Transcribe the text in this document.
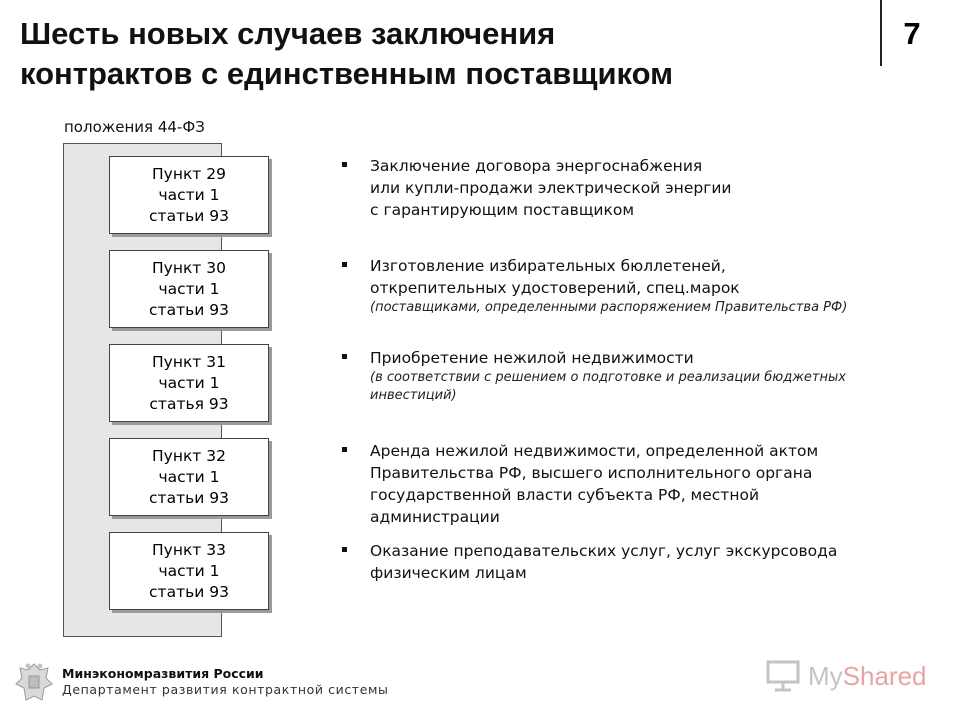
Шесть новых случаев заключения
контрактов с единственным поставщиком
7
положения 44-ФЗ
Пункт 29
части 1
статьи 93
Пункт 30
части 1
статьи 93
Пункт 31
части 1
статья 93
Пункт 32
части 1
статьи 93
Пункт 33
части 1
статьи 93
Заключение договора энергоснабжения
или купли-продажи электрической энергии
с гарантирующим поставщиком
Изготовление избирательных бюллетеней,
открепительных удостоверений, спец.марок
(поставщиками, определенными распоряжением Правительства РФ)
Приобретение нежилой недвижимости
(в соответствии с решением о подготовке и реализации бюджетных инвестиций)
Аренда нежилой недвижимости, определенной актом
Правительства РФ, высшего исполнительного органа
государственной власти субъекта РФ, местной
администрации
Оказание преподавательских услуг, услуг экскурсовода
физическим лицам
Минэкономразвития России
Департамент развития контрактной системы	My Shared
